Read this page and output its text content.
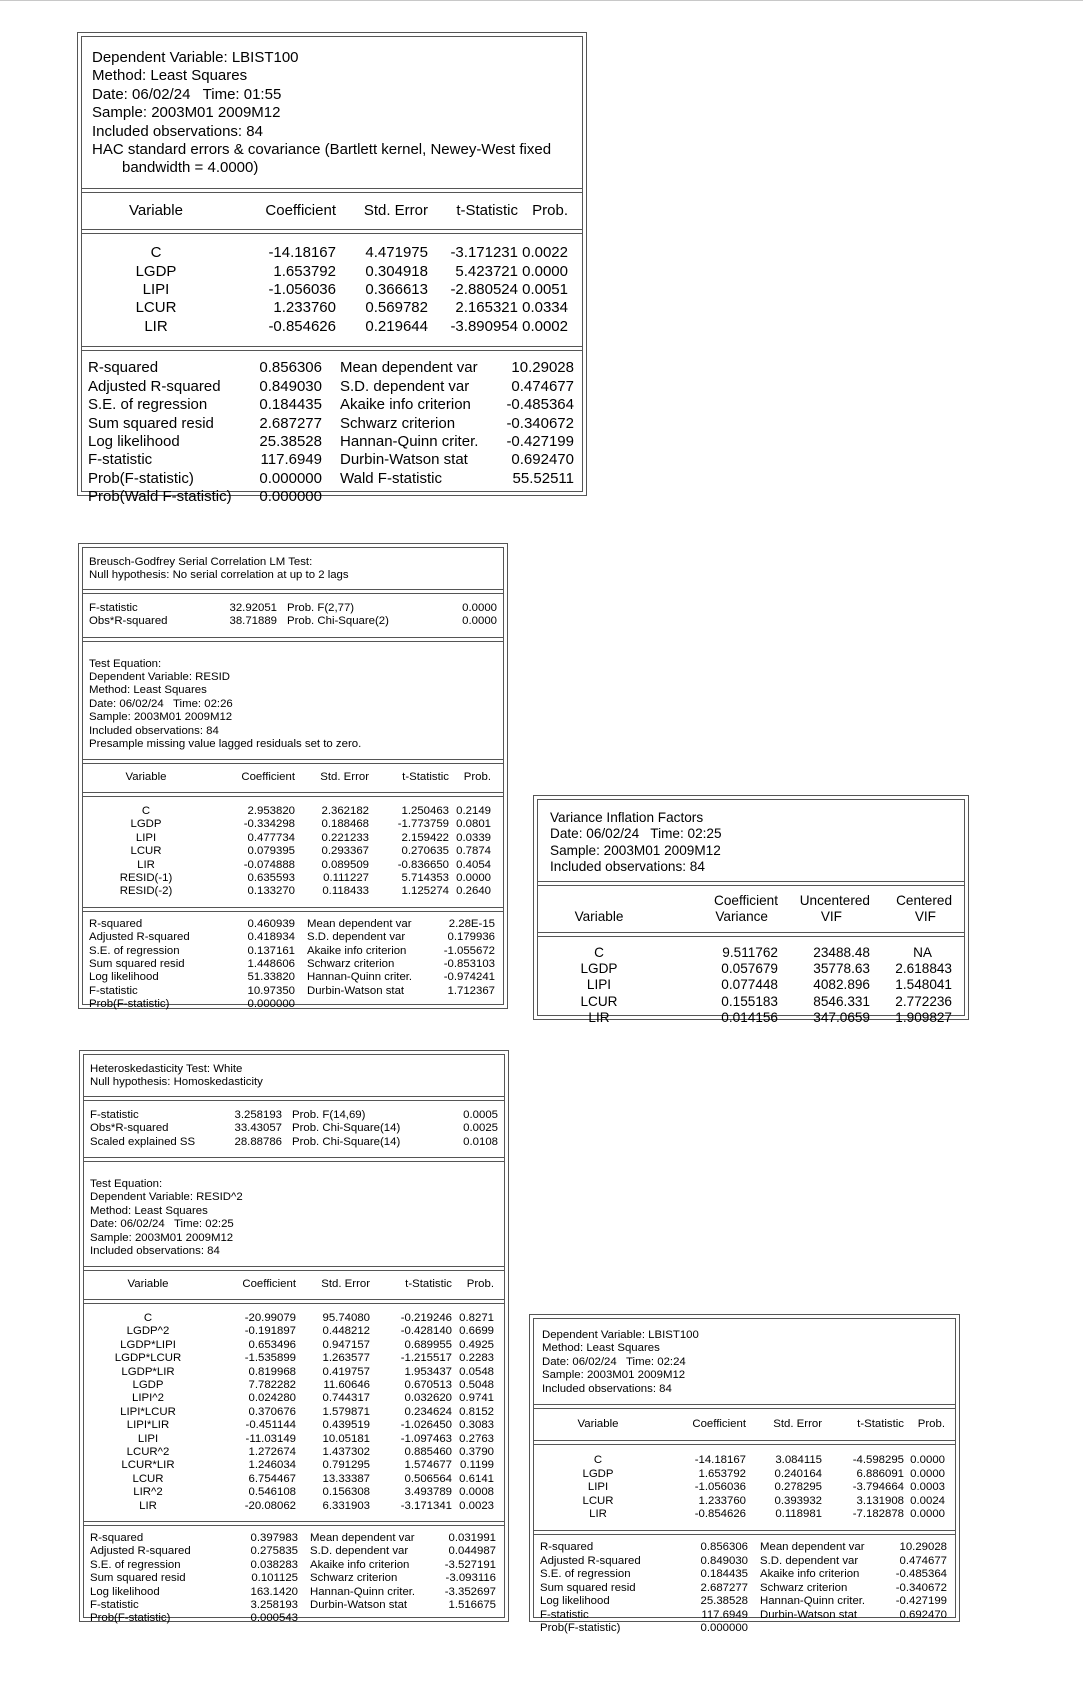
Dependent Variable: LBIST100
Method: Least Squares
Date: 06/02/24   Time: 01:55
Sample: 2003M01 2009M12
Included observations: 84
HAC standard errors & covariance (Bartlett kernel, Newey-West fixed
bandwidth = 4.0000)
Variable	Coefficient	Std. Error	t-Statistic	Prob.
C	-14.18167	4.471975	-3.171231	0.0022
LGDP	1.653792	0.304918	5.423721	0.0000
LIPI	-1.056036	0.366613	-2.880524	0.0051
LCUR	1.233760	0.569782	2.165321	0.0334
LIR	-0.854626	0.219644	-3.890954	0.0002
R-squared	0.856306	Mean dependent var	10.29028
Adjusted R-squared	0.849030	S.D. dependent var	0.474677
S.E. of regression	0.184435	Akaike info criterion	-0.485364
Sum squared resid	2.687277	Schwarz criterion	-0.340672
Log likelihood	25.38528	Hannan-Quinn criter.	-0.427199
F-statistic	117.6949	Durbin-Watson stat	0.692470
Prob(F-statistic)	0.000000	Wald F-statistic	55.52511
Prob(Wald F-statistic)	0.000000		
Breusch-Godfrey Serial Correlation LM Test:
Null hypothesis: No serial correlation at up to 2 lags
F-statistic	32.92051	Prob. F(2,77)	0.0000
Obs*R-squared	38.71889	Prob. Chi-Square(2)	0.0000
Test Equation:
Dependent Variable: RESID
Method: Least Squares
Date: 06/02/24   Time: 02:26
Sample: 2003M01 2009M12
Included observations: 84
Presample missing value lagged residuals set to zero.
Variable	Coefficient	Std. Error	t-Statistic	Prob.
C	2.953820	2.362182	1.250463	0.2149
LGDP	-0.334298	0.188468	-1.773759	0.0801
LIPI	0.477734	0.221233	2.159422	0.0339
LCUR	0.079395	0.293367	0.270635	0.7874
LIR	-0.074888	0.089509	-0.836650	0.4054
RESID(-1)	0.635593	0.111227	5.714353	0.0000
RESID(-2)	0.133270	0.118433	1.125274	0.2640
R-squared	0.460939	Mean dependent var	2.28E-15
Adjusted R-squared	0.418934	S.D. dependent var	0.179936
S.E. of regression	0.137161	Akaike info criterion	-1.055672
Sum squared resid	1.448606	Schwarz criterion	-0.853103
Log likelihood	51.33820	Hannan-Quinn criter.	-0.974241
F-statistic	10.97350	Durbin-Watson stat	1.712367
Prob(F-statistic)	0.000000		
Variance Inflation Factors
Date: 06/02/24   Time: 02:25
Sample: 2003M01 2009M12
Included observations: 84
	Coefficient	Uncentered	Centered
Variable	Variance	VIF	VIF
C	9.511762	23488.48	NA
LGDP	0.057679	35778.63	2.618843
LIPI	0.077448	4082.896	1.548041
LCUR	0.155183	8546.331	2.772236
LIR	0.014156	347.0659	1.909827
Heteroskedasticity Test: White
Null hypothesis: Homoskedasticity
F-statistic	3.258193	Prob. F(14,69)	0.0005
Obs*R-squared	33.43057	Prob. Chi-Square(14)	0.0025
Scaled explained SS	28.88786	Prob. Chi-Square(14)	0.0108
Test Equation:
Dependent Variable: RESID^2
Method: Least Squares
Date: 06/02/24   Time: 02:25
Sample: 2003M01 2009M12
Included observations: 84
Variable	Coefficient	Std. Error	t-Statistic	Prob.
C	-20.99079	95.74080	-0.219246	0.8271
LGDP^2	-0.191897	0.448212	-0.428140	0.6699
LGDP*LIPI	0.653496	0.947157	0.689955	0.4925
LGDP*LCUR	-1.535899	1.263577	-1.215517	0.2283
LGDP*LIR	0.819968	0.419757	1.953437	0.0548
LGDP	7.782282	11.60646	0.670513	0.5048
LIPI^2	0.024280	0.744317	0.032620	0.9741
LIPI*LCUR	0.370676	1.579871	0.234624	0.8152
LIPI*LIR	-0.451144	0.439519	-1.026450	0.3083
LIPI	-11.03149	10.05181	-1.097463	0.2763
LCUR^2	1.272674	1.437302	0.885460	0.3790
LCUR*LIR	1.246034	0.791295	1.574677	0.1199
LCUR	6.754467	13.33387	0.506564	0.6141
LIR^2	0.546108	0.156308	3.493789	0.0008
LIR	-20.08062	6.331903	-3.171341	0.0023
R-squared	0.397983	Mean dependent var	0.031991
Adjusted R-squared	0.275835	S.D. dependent var	0.044987
S.E. of regression	0.038283	Akaike info criterion	-3.527191
Sum squared resid	0.101125	Schwarz criterion	-3.093116
Log likelihood	163.1420	Hannan-Quinn criter.	-3.352697
F-statistic	3.258193	Durbin-Watson stat	1.516675
Prob(F-statistic)	0.000543		
Dependent Variable: LBIST100
Method: Least Squares
Date: 06/02/24   Time: 02:24
Sample: 2003M01 2009M12
Included observations: 84
Variable	Coefficient	Std. Error	t-Statistic	Prob.
C	-14.18167	3.084115	-4.598295	0.0000
LGDP	1.653792	0.240164	6.886091	0.0000
LIPI	-1.056036	0.278295	-3.794664	0.0003
LCUR	1.233760	0.393932	3.131908	0.0024
LIR	-0.854626	0.118981	-7.182878	0.0000
R-squared	0.856306	Mean dependent var	10.29028
Adjusted R-squared	0.849030	S.D. dependent var	0.474677
S.E. of regression	0.184435	Akaike info criterion	-0.485364
Sum squared resid	2.687277	Schwarz criterion	-0.340672
Log likelihood	25.38528	Hannan-Quinn criter.	-0.427199
F-statistic	117.6949	Durbin-Watson stat	0.692470
Prob(F-statistic)	0.000000		
